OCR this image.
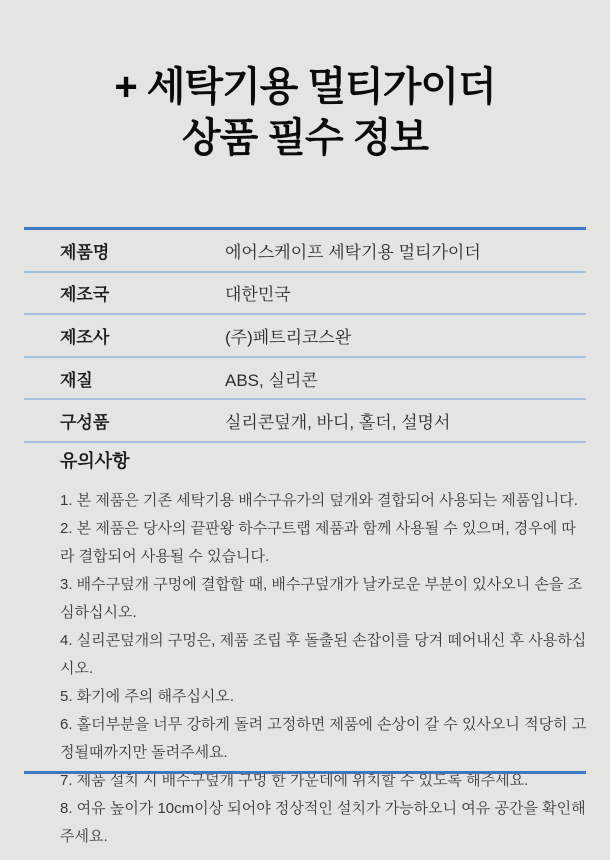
+ 세탁기용 멀티가이더
상품 필수 정보
제품명	에어스케이프 세탁기용 멀티가이더
제조국	대한민국
제조사	(주)페트리코스완
재질	ABS, 실리콘
구성품	실리콘덮개, 바디, 홀더, 설명서
유의사항

1. 본 제품은 기존 세탁기용 배수구유가의 덮개와 결합되어 사용되는 제품입니다.

2. 본 제품은 당사의 끝판왕 하수구트랩 제품과 함께 사용될 수 있으며, 경우에 따라 결합되어 사용될 수 있습니다.

3. 배수구덮개 구멍에 결합할 때, 배수구덮개가 날카로운 부분이 있사오니 손을 조심하십시오.

4. 실리콘덮개의 구멍은, 제품 조립 후 돌출된 손잡이를 당겨 떼어내신 후 사용하십시오.

5. 화기에 주의 해주십시오.

6. 홀더부분을 너무 강하게 돌려 고정하면 제품에 손상이 갈 수 있사오니 적당히 고정될때까지만 돌려주세요.

7. 제품 설치 시 배수구덮개 구멍 한 가운데에 위치할 수 있도록 해주세요.

8. 여유 높이가 10cm이상 되어야 정상적인 설치가 가능하오니 여유 공간을 확인해주세요.
